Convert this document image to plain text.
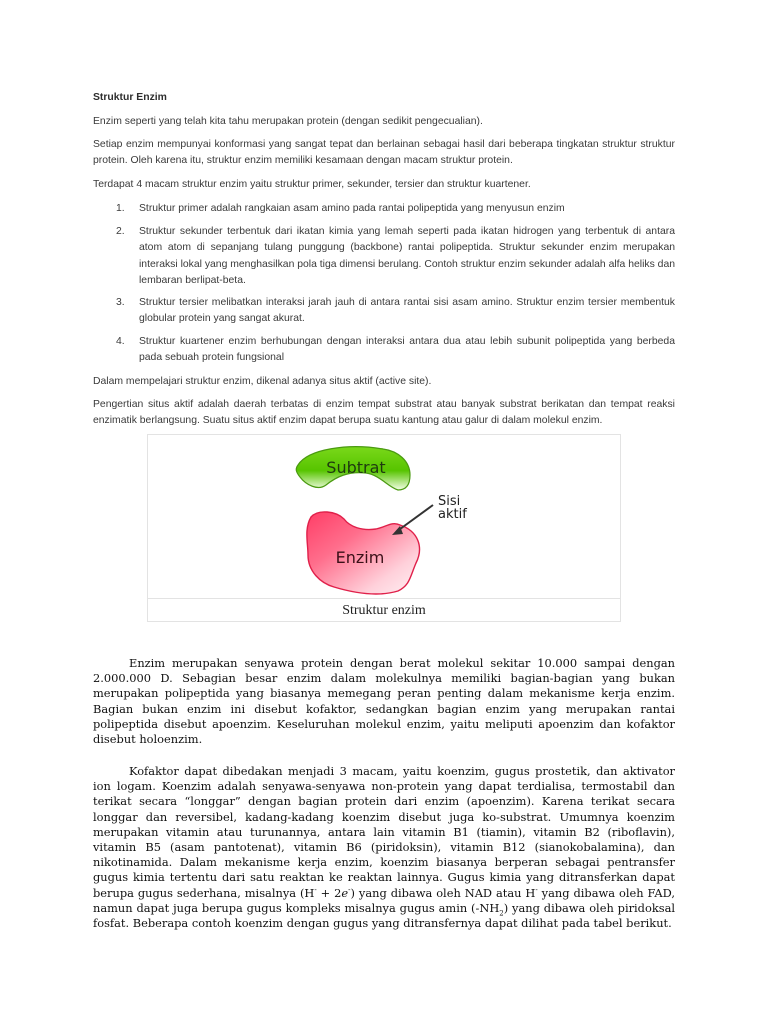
Struktur Enzim
Enzim seperti yang telah kita tahu merupakan protein (dengan sedikit pengecualian).
Setiap enzim mempunyai konformasi yang sangat tepat dan berlainan sebagai hasil dari beberapa tingkatan struktur struktur protein. Oleh karena itu, struktur enzim memiliki kesamaan dengan macam struktur protein.
Terdapat 4 macam struktur enzim yaitu struktur primer, sekunder, tersier dan struktur kuartener.
1. Struktur primer adalah rangkaian asam amino pada rantai polipeptida yang menyusun enzim
2. Struktur sekunder terbentuk dari ikatan kimia yang lemah seperti pada ikatan hidrogen yang terbentuk di antara atom atom di sepanjang tulang punggung (backbone) rantai polipeptida. Struktur sekunder enzim merupakan interaksi lokal yang menghasilkan pola tiga dimensi berulang. Contoh struktur enzim sekunder adalah alfa heliks dan lembaran berlipat-beta.
3. Struktur tersier melibatkan interaksi jarah jauh di antara rantai sisi asam amino. Struktur enzim tersier membentuk globular protein yang sangat akurat.
4. Struktur kuartener enzim berhubungan dengan interaksi antara dua atau lebih subunit polipeptida yang berbeda pada sebuah protein fungsional
Dalam mempelajari struktur enzim, dikenal adanya situs aktif (active site).
Pengertian situs aktif adalah daerah terbatas di enzim tempat substrat atau banyak substrat berikatan dan tempat reaksi enzimatik berlangsung. Suatu situs aktif enzim dapat berupa suatu kantung atau galur di dalam molekul enzim.
Subtrat
Enzim
Sisi
aktif
Struktur enzim
Enzim merupakan senyawa protein dengan berat molekul sekitar 10.000 sampai dengan 2.000.000 D. Sebagian besar enzim dalam molekulnya memiliki bagian-bagian yang bukan merupakan polipeptida yang biasanya memegang peran penting dalam mekanisme kerja enzim. Bagian bukan enzim ini disebut kofaktor, sedangkan bagian enzim yang merupakan rantai polipeptida disebut apoenzim. Keseluruhan molekul enzim, yaitu meliputi apoenzim dan kofaktor disebut holoenzim.
Kofaktor dapat dibedakan menjadi 3 macam, yaitu koenzim, gugus prostetik, dan aktivator ion logam. Koenzim adalah senyawa-senyawa non-protein yang dapat terdialisa, termostabil dan terikat secara “longgar” dengan bagian protein dari enzim (apoenzim). Karena terikat secara longgar dan reversibel, kadang-kadang koenzim disebut juga ko-substrat. Umumnya koenzim merupakan vitamin atau turunannya, antara lain vitamin B1 (tiamin), vitamin B2 (riboflavin), vitamin B5 (asam pantotenat), vitamin B6 (piridoksin), vitamin B12 (sianokobalamina), dan nikotinamida. Dalam mekanisme kerja enzim, koenzim biasanya berperan sebagai pentransfer gugus kimia tertentu dari satu reaktan ke reaktan lainnya. Gugus kimia yang ditransferkan dapat berupa gugus sederhana, misalnya (H- + 2e-) yang dibawa oleh NAD atau H- yang dibawa oleh FAD, namun dapat juga berupa gugus kompleks misalnya gugus amin $(-NH_2)$ yang dibawa oleh piridoksal fosfat. Beberapa contoh koenzim dengan gugus yang ditransfernya dapat dilihat pada tabel berikut.
